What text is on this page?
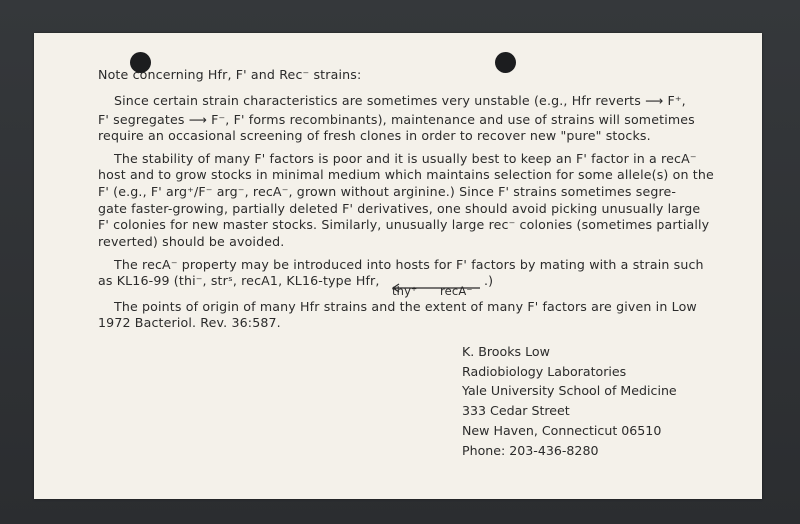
Note concerning Hfr, F' and Rec⁻ strains:
Since certain strain characteristics are sometimes very unstable (e.g., Hfr reverts ⟶ F⁺,
F' segregates ⟶ F⁻, F' forms recombinants), maintenance and use of strains will sometimes
require an occasional screening of fresh clones in order to recover new "pure" stocks.
The stability of many F' factors is poor and it is usually best to keep an F' factor in a recA⁻
host and to grow stocks in minimal medium which maintains selection for some allele(s) on the
F' (e.g., F' arg⁺/F⁻ arg⁻, recA⁻, grown without arginine.) Since F' strains sometimes segre-
gate faster-growing, partially deleted F' derivatives, one should avoid picking unusually large
F' colonies for new master stocks. Similarly, unusually large rec⁻ colonies (sometimes partially
reverted) should be avoided.
The recA⁻ property may be introduced into hosts for F' factors by mating with a strain such
as KL16-99 (thi⁻, strˢ, recA1, KL16-type Hfr,	.)
thy⁺ recA⁻
The points of origin of many Hfr strains and the extent of many F' factors are given in Low
1972 Bacteriol. Rev. 36:587.
K. Brooks Low
Radiobiology Laboratories
Yale University School of Medicine
333 Cedar Street
New Haven, Connecticut 06510
Phone: 203-436-8280
